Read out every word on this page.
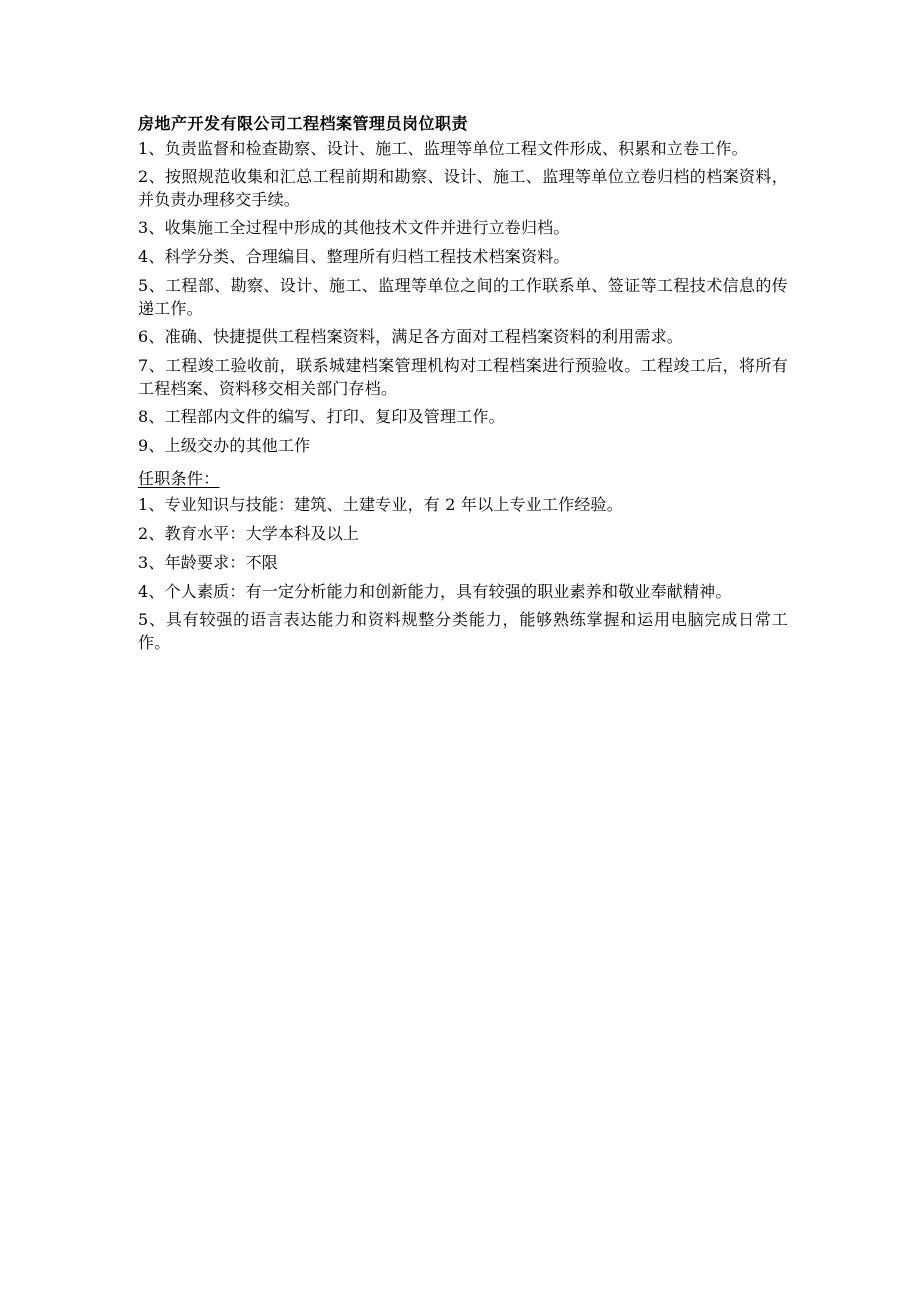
房地产开发有限公司工程档案管理员岗位职责
1、负责监督和检查勘察、设计、施工、监理等单位工程文件形成、积累和立卷工作。
2、按照规范收集和汇总工程前期和勘察、设计、施工、监理等单位立卷归档的档案资料，并负责办理移交手续。
3、收集施工全过程中形成的其他技术文件并进行立卷归档。
4、科学分类、合理编目、整理所有归档工程技术档案资料。
5、工程部、勘察、设计、施工、监理等单位之间的工作联系单、签证等工程技术信息的传递工作。
6、准确、快捷提供工程档案资料，满足各方面对工程档案资料的利用需求。
7、工程竣工验收前，联系城建档案管理机构对工程档案进行预验收。工程竣工后，将所有工程档案、资料移交相关部门存档。
8、工程部内文件的编写、打印、复印及管理工作。
9、上级交办的其他工作
任职条件：
1、专业知识与技能：建筑、土建专业，有 2 年以上专业工作经验。
2、教育水平：大学本科及以上
3、年龄要求：不限
4、个人素质：有一定分析能力和创新能力，具有较强的职业素养和敬业奉献精神。
5、具有较强的语言表达能力和资料规整分类能力，能够熟练掌握和运用电脑完成日常工作。
